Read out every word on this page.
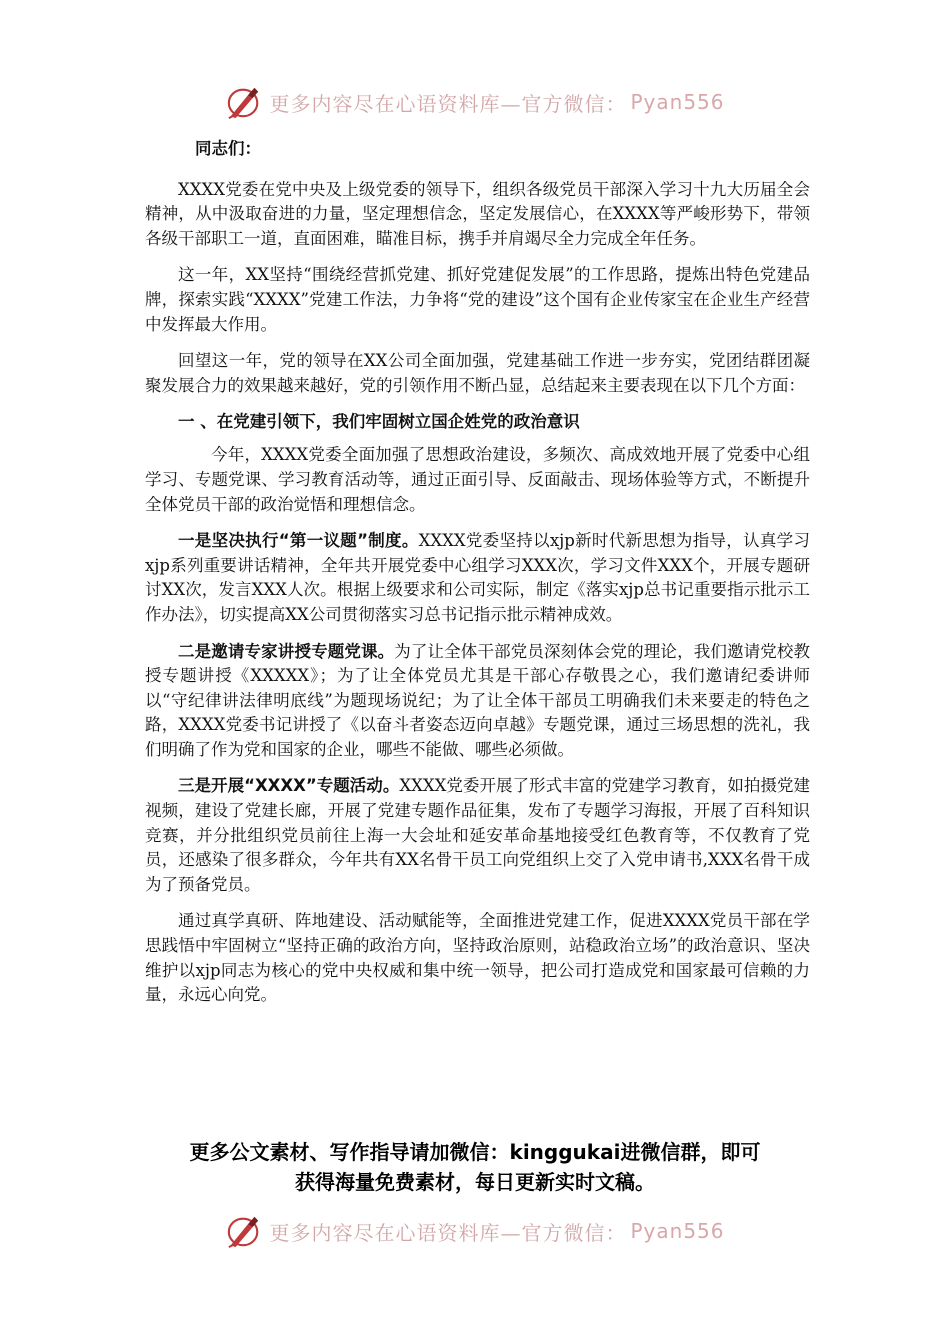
更多内容尽在心语资料库—官方微信： Pyan556

同志们：

XXXX党委在党中央及上级党委的领导下，组织各级党员干部深入学习十九大历届全会精神，从中汲取奋进的力量，坚定理想信念，坚定发展信心，在XXXX等严峻形势下，带领各级干部职工一道，直面困难，瞄准目标，携手并肩竭尽全力完成全年任务。

这一年，XX坚持“围绕经营抓党建、抓好党建促发展”的工作思路，提炼出特色党建品牌，探索实践“XXXX”党建工作法，力争将“党的建设”这个国有企业传家宝在企业生产经营中发挥最大作用。

回望这一年，党的领导在XX公司全面加强，党建基础工作进一步夯实，党团结群团凝聚发展合力的效果越来越好，党的引领作用不断凸显，总结起来主要表现在以下几个方面：

一 、在党建引领下，我们牢固树立国企姓党的政治意识

今年，XXXX党委全面加强了思想政治建设，多频次、高成效地开展了党委中心组学习、专题党课、学习教育活动等，通过正面引导、反面敲击、现场体验等方式，不断提升全体党员干部的政治觉悟和理想信念。

一是坚决执行“第一议题”制度。XXXX党委坚持以xjp新时代新思想为指导，认真学习xjp系列重要讲话精神，全年共开展党委中心组学习XXX次，学习文件XXX个，开展专题研讨XX次，发言XXX人次。根据上级要求和公司实际，制定《落实xjp总书记重要指示批示工作办法》，切实提高XX公司贯彻落实习总书记指示批示精神成效。

二是邀请专家讲授专题党课。为了让全体干部党员深刻体会党的理论，我们邀请党校教授专题讲授《XXXXX》；为了让全体党员尤其是干部心存敬畏之心，我们邀请纪委讲师以“守纪律讲法律明底线”为题现场说纪；为了让全体干部员工明确我们未来要走的特色之路，XXXX党委书记讲授了《以奋斗者姿态迈向卓越》专题党课，通过三场思想的洗礼，我们明确了作为党和国家的企业，哪些不能做、哪些必须做。

三是开展“XXXX”专题活动。XXXX党委开展了形式丰富的党建学习教育，如拍摄党建视频，建设了党建长廊，开展了党建专题作品征集，发布了专题学习海报，开展了百科知识竞赛，并分批组织党员前往上海一大会址和延安革命基地接受红色教育等，不仅教育了党员，还感染了很多群众，今年共有XX名骨干员工向党组织上交了入党申请书,XXX名骨干成为了预备党员。

通过真学真研、阵地建设、活动赋能等，全面推进党建工作，促进XXXX党员干部在学思践悟中牢固树立“坚持正确的政治方向，坚持政治原则，站稳政治立场”的政治意识、坚决维护以xjp同志为核心的党中央权威和集中统一领导，把公司打造成党和国家最可信赖的力量，永远心向党。

更多公文素材、写作指导请加微信：kinggukai进微信群，即可
获得海量免费素材，每日更新实时文稿。
更多内容尽在心语资料库—官方微信： Pyan556
